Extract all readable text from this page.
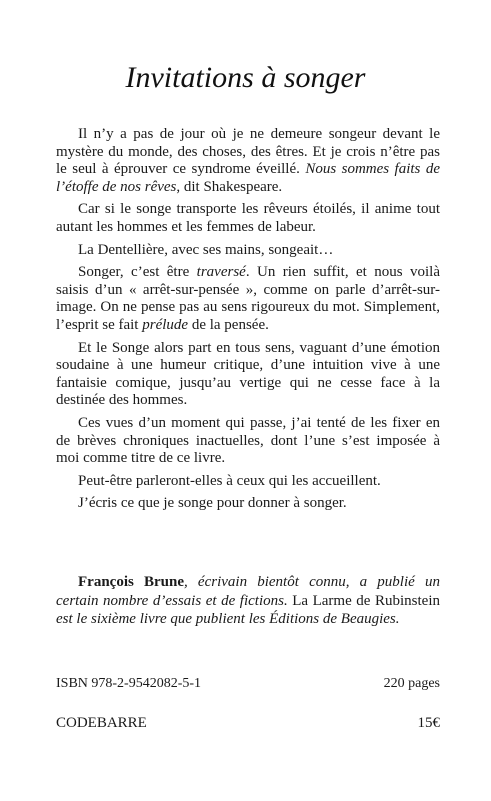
Invitations à songer

Il n’y a pas de jour où je ne demeure songeur devant le mystère du monde, des choses, des êtres. Et je crois n’être pas le seul à éprouver ce syndrome éveillé. Nous sommes faits de l’étoffe de nos rêves, dit Shakespeare.

Car si le songe transporte les rêveurs étoilés, il anime tout autant les hommes et les femmes de labeur.

La Dentellière, avec ses mains, songeait…

Songer, c’est être traversé. Un rien suffit, et nous voilà saisis d’un « arrêt-sur-pensée », comme on parle d’arrêt-sur-image. On ne pense pas au sens rigoureux du mot. Simplement, l’esprit se fait prélude de la pensée.

Et le Songe alors part en tous sens, vaguant d’une émotion soudaine à une humeur critique, d’une intuition vive à une fantaisie comique, jusqu’au vertige qui ne cesse face à la destinée des hommes.

Ces vues d’un moment qui passe, j’ai tenté de les fixer en de brèves chroniques inactuelles, dont l’une s’est imposée à moi comme titre de ce livre.

Peut-être parleront-elles à ceux qui les accueillent.

J’écris ce que je songe pour donner à songer.

François Brune, écrivain bientôt connu, a publié un certain nombre d’essais et de fictions. La Larme de Rubinstein est le sixième livre que publient les Éditions de Beaugies.

ISBN 978-2-9542082-5-1	220 pages
CODEBARRE	15€
